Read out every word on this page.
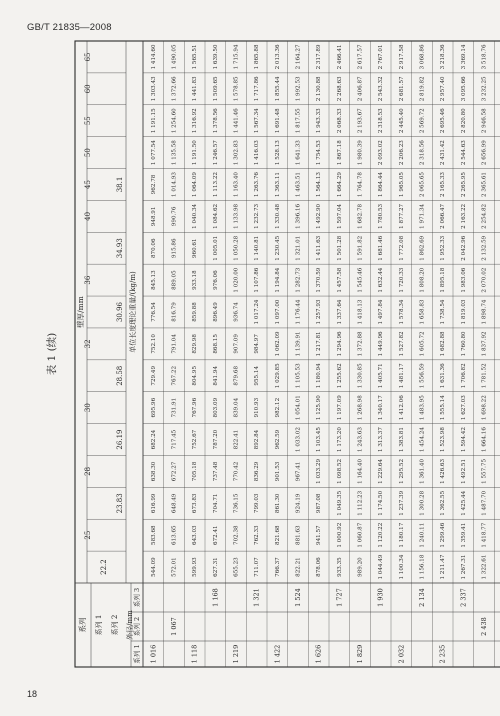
GB/T 21835—2008
表 1 (续)
系列 系列 1 系列 2 外径/mm
系列 1
系列 2
系列 3
壁厚/mm
22.2
25
23.83
28
26.19
30
28.58
32
30.96
36
34.93
40
45	38.1
50
55
60
65
单位长度理论重量/(kg/m)
1 016
544.09
583.68
616.99
638.30
682.24
695.96
729.49
752.10
776.54
845.13
870.06
948.91
962.78
1 077.54
1 191.15
1 303.43
1 414.60
1 067
572.01
613.65
648.49
672.27
717.45
731.91
767.22
791.04
816.79
889.05
915.86
990.76
1 014.93
1 135.58
1 254.60
1 372.66
1 490.05
1 118
599.93
643.03
673.83
705.18
752.67
767.96
804.95
829.98
859.88
933.18
960.61
1 040.34
1 064.09
1 191.50
1 316.92
1 441.83
1 565.51
1 168
627.31
672.41
704.71
737.48
787.20
803.09
841.94
868.15
896.49
976.06
1 005.01
1 084.62
1 113.22
1 246.57
1 378.56
1 509.65
1 639.50
1 219
655.23
702.38
736.15
770.42
822.41
839.04
879.68
907.09
936.74
1 020.00
1 050.28
1 133.98
1 163.40
1 302.83
1 441.46
1 578.85
1 715.94
1 321
711.07
762.33
799.03
836.29
892.84
910.93
955.14
984.97
1 017.24
1 107.86
1 140.81
1 232.73
1 263.76
1 416.03
1 567.34
1 717.86
1 865.88
1 422
766.37
821.68
861.30
901.53
962.59
982.12
1 029.85
1 062.09
1 097.00
1 194.84
1 230.45
1 330.48
1 363.11
1 528.13
1 691.48
1 855.44
2 013.36
1 524
822.21
881.63
924.19
967.41
1 033.02
1 054.01
1 105.53
1 139.91
1 176.44
1 282.73
1 321.01
1 396.16
1 463.51
1 641.33
1 817.55
1 992.53
2 164.27
1 626
878.06
941.57
987.08
1 033.29
1 103.45
1 125.90
1 180.94
1 217.81
1 257.93
1 370.59
1 411.63
1 492.90
1 564.13
1 754.53
1 943.33
2 130.88
2 317.89
1 727
933.35
1 000.92
1 049.35
1 098.52
1 173.20
1 197.09
1 255.62
1 294.96
1 337.64
1 457.58
1 501.28
1 597.04
1 664.29
1 867.18
2 068.33
2 268.63
2 466.41
1 829
989.20
1 060.87
1 112.23
1 164.40
1 243.63
1 268.98
1 330.85
1 372.88
1 418.13
1 545.46
1 591.82
1 682.78
1 764.78
1 980.39
2 193.67
2 406.87
2 617.57
1 930
1 044.49
1 120.22
1 174.50
1 229.64
1 313.37
1 340.17
1 405.71
1 449.96
1 497.84
1 632.44
1 681.46
1 780.53
1 864.44
2 093.02
2 318.53
2 543.32
2 767.01
2 032
1 100.34
1 180.17
1 237.39
1 295.52
1 383.81
1 412.06
1 481.17
1 527.82
1 578.34
1 720.33
1 772.08
1 877.27
1 965.05
2 206.23
2 445.40
2 681.57
2 917.58
2 134
1 156.18
1 240.11
1 300.28
1 361.40
1 454.24
1 483.95
1 556.59
1 605.72
1 658.83
1 808.20
1 862.69
1 971.34
2 065.65
2 318.56
2 569.72
2 819.82
3 068.86
2 235
1 211.47
1 299.46
1 362.55
1 426.63
1 523.98
1 555.14
1 631.36
1 682.88
1 738.54
1 895.18
1 952.33
2 066.47
2 165.33
2 431.42
2 695.46
2 957.40
3 218.36
2 337
1 267.31
1 359.41
1 425.44
1 492.51
1 594.42
1 627.03
1 706.82
1 760.80
1 819.03
1 983.06
2 042.96
2 163.22
2 265.95
2 544.63
2 820.80
3 095.66
3 369.14
2 438
1 322.61
1 418.77
1 487.70
1 557.75
1 664.16
1 698.22
1 781.52
1 837.92
1 898.74
2 070.02
2 132.59
2 254.82
2 365.61
2 656.99
2 946.58
3 232.25
3 518.76
18
